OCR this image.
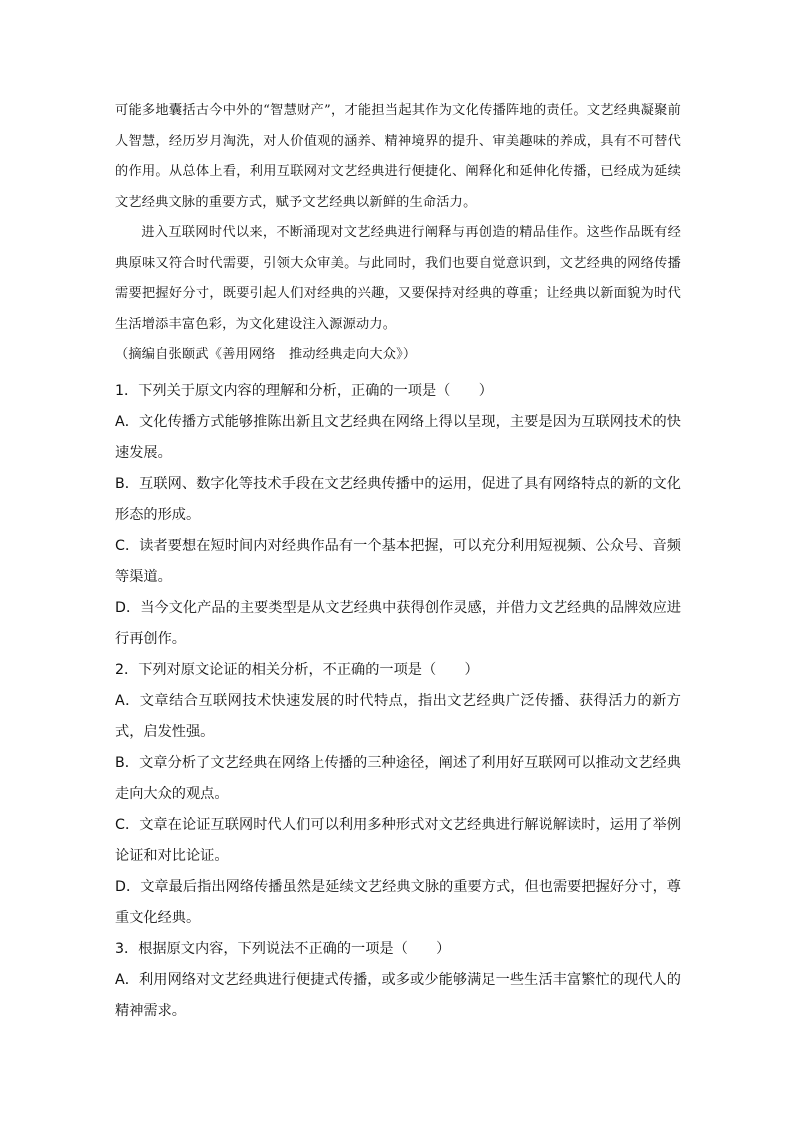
可能多地囊括古今中外的“智慧财产”，才能担当起其作为文化传播阵地的责任。文艺经典凝聚前人智慧，经历岁月淘洗，对人价值观的涵养、精神境界的提升、审美趣味的养成，具有不可替代的作用。从总体上看，利用互联网对文艺经典进行便捷化、阐释化和延伸化传播，已经成为延续文艺经典文脉的重要方式，赋予文艺经典以新鲜的生命活力。

进入互联网时代以来，不断涌现对文艺经典进行阐释与再创造的精品佳作。这些作品既有经典原味又符合时代需要，引领大众审美。与此同时，我们也要自觉意识到，文艺经典的网络传播需要把握好分寸，既要引起人们对经典的兴趣，又要保持对经典的尊重；让经典以新面貌为时代生活增添丰富色彩，为文化建设注入源源动力。

（摘编自张颐武《善用网络　推动经典走向大众》）

1．下列关于原文内容的理解和分析，正确的一项是（　　）

A．文化传播方式能够推陈出新且文艺经典在网络上得以呈现，主要是因为互联网技术的快速发展。

B．互联网、数字化等技术手段在文艺经典传播中的运用，促进了具有网络特点的新的文化形态的形成。

C．读者要想在短时间内对经典作品有一个基本把握，可以充分利用短视频、公众号、音频等渠道。

D．当今文化产品的主要类型是从文艺经典中获得创作灵感，并借力文艺经典的品牌效应进行再创作。

2．下列对原文论证的相关分析，不正确的一项是（　　）

A．文章结合互联网技术快速发展的时代特点，指出文艺经典广泛传播、获得活力的新方式，启发性强。

B．文章分析了文艺经典在网络上传播的三种途径，阐述了利用好互联网可以推动文艺经典走向大众的观点。

C．文章在论证互联网时代人们可以利用多种形式对文艺经典进行解说解读时，运用了举例论证和对比论证。

D．文章最后指出网络传播虽然是延续文艺经典文脉的重要方式，但也需要把握好分寸，尊重文化经典。

3．根据原文内容，下列说法不正确的一项是（　　）

A．利用网络对文艺经典进行便捷式传播，或多或少能够满足一些生活丰富繁忙的现代人的精神需求。
